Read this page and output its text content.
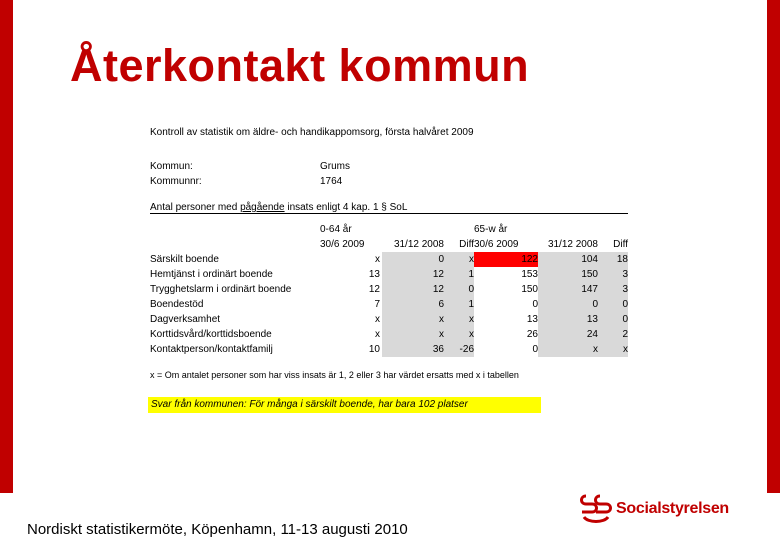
Återkontakt kommun
Kontroll av statistik om äldre- och handikappomsorg, första halvåret 2009
Kommun:	Grums
Kommunnr:	1764
Antal personer med pågående insats enligt 4 kap. 1 § SoL
	0-64 år			65-w år		
	30/6 2009	31/12 2008	Diff	30/6 2009	31/12 2008	Diff
Särskilt boende	x	0	x	122	104	18
Hemtjänst i ordinärt boende	13	12	1	153	150	3
Trygghetslarm i ordinärt boende	12	12	0	150	147	3
Boendestöd	7	6	1	0	0	0
Dagverksamhet	x	x	x	13	13	0
Korttidsvård/korttidsboende	x	x	x	26	24	2
Kontaktperson/kontaktfamilj	10	36	-26	0	x	x
x = Om antalet personer som har viss insats är 1, 2 eller 3 har värdet ersatts med x i tabellen
Svar från kommunen: För många i särskilt boende, har bara 102 platser
Nordiskt statistikermöte, Köpenhamn, 11-13 augusti 2010
Socialstyrelsen
